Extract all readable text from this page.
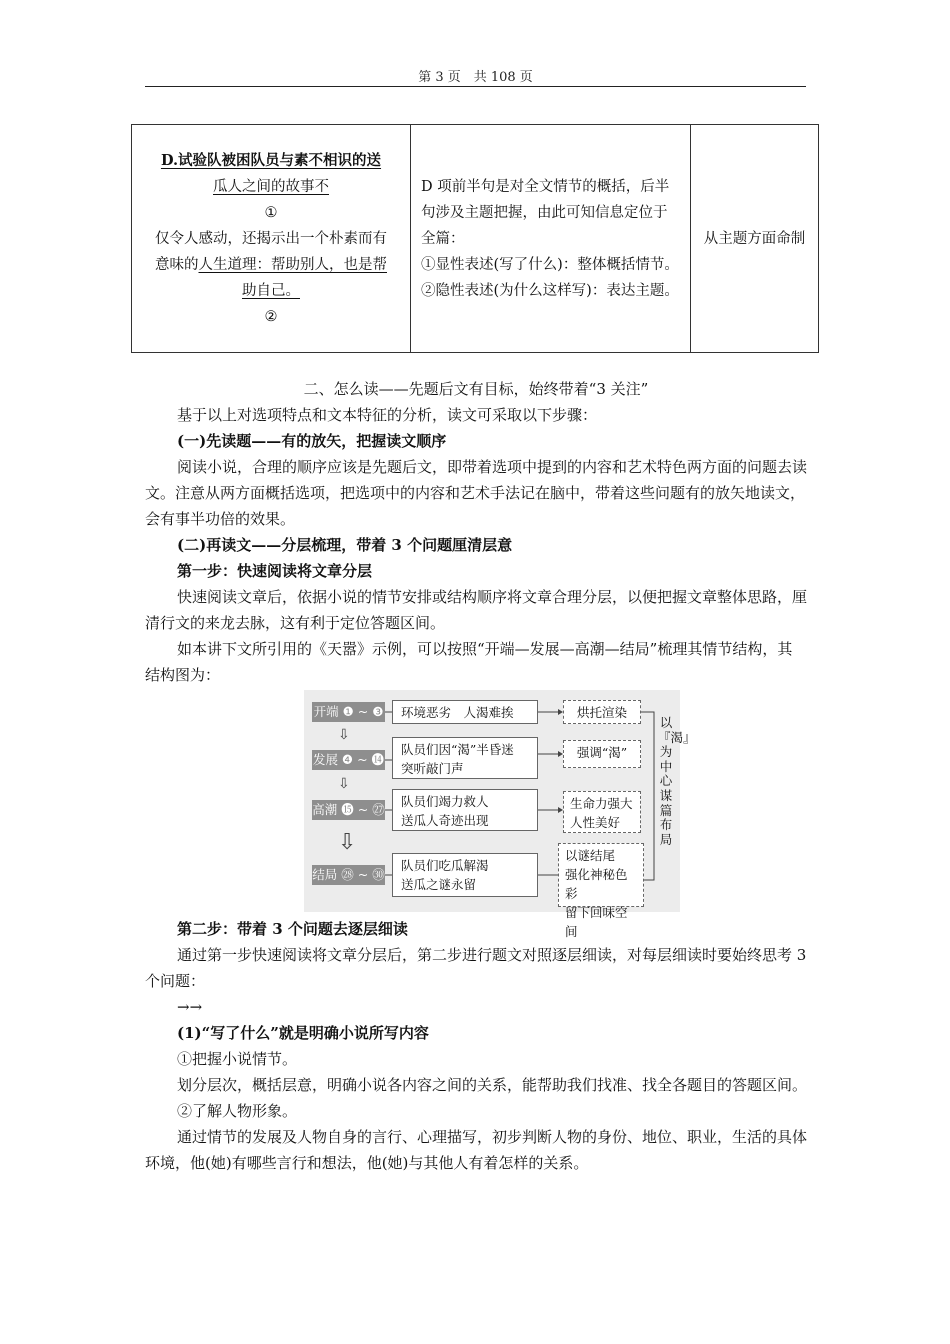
第 3 页　共 108 页
D.试验队被困队员与素不相识的送
瓜人之间的故事不
①
仅令人感动，还揭示出一个朴素而有
意味的人生道理：帮助别人，也是帮
助自己。
②

D 项前半句是对全文情节的概括，后半句涉及主题把握，由此可知信息定位于全篇：
①显性表述(写了什么)：整体概括情节。
②隐性表述(为什么这样写)：表达主题。
	从主题方面命制

二、怎么读——先题后文有目标，始终带着“3 关注”

基于以上对选项特点和文本特征的分析，读文可采取以下步骤：

(一)先读题——有的放矢，把握读文顺序

阅读小说，合理的顺序应该是先题后文，即带着选项中提到的内容和艺术特色两方面的问题去读文。注意从两方面概括选项，把选项中的内容和艺术手法记在脑中，带着这些问题有的放矢地读文，会有事半功倍的效果。

(二)再读文——分层梳理，带着 3 个问题厘清层意

第一步：快速阅读将文章分层

快速阅读文章后，依据小说的情节安排或结构顺序将文章合理分层，以便把握文章整体思路，厘清行文的来龙去脉，这有利于定位答题区间。

如本讲下文所引用的《天嚣》示例，可以按照“开端—发展—高潮—结局”梳理其情节结构，其结构图为：

开端 ❶ ~ ❸	环境恶劣　人渴难挨	烘托渲染
⇩
发展 ❹ ~ ⓮
队员们因“渴”半昏迷
突听敲门声
强调“渴”
⇩
高潮 ⓯ ~ ㉗
队员们竭力救人
送瓜人奇迹出现
生命力强大
人性美好
⇩
结局 ㉘ ~ ㉚
队员们吃瓜解渴
送瓜之谜永留
以谜结尾
强化神秘色彩
留下回味空间
以『渴』为中心谋篇布局

第二步：带着 3 个问题去逐层细读

通过第一步快速阅读将文章分层后，第二步进行题文对照逐层细读，对每层细读时要始终思考 3 个问题：

→→

(1)“写了什么”就是明确小说所写内容

①把握小说情节。

划分层次，概括层意，明确小说各内容之间的关系，能帮助我们找准、找全各题目的答题区间。

②了解人物形象。

通过情节的发展及人物自身的言行、心理描写，初步判断人物的身份、地位、职业，生活的具体环境，他(她)有哪些言行和想法，他(她)与其他人有着怎样的关系。
